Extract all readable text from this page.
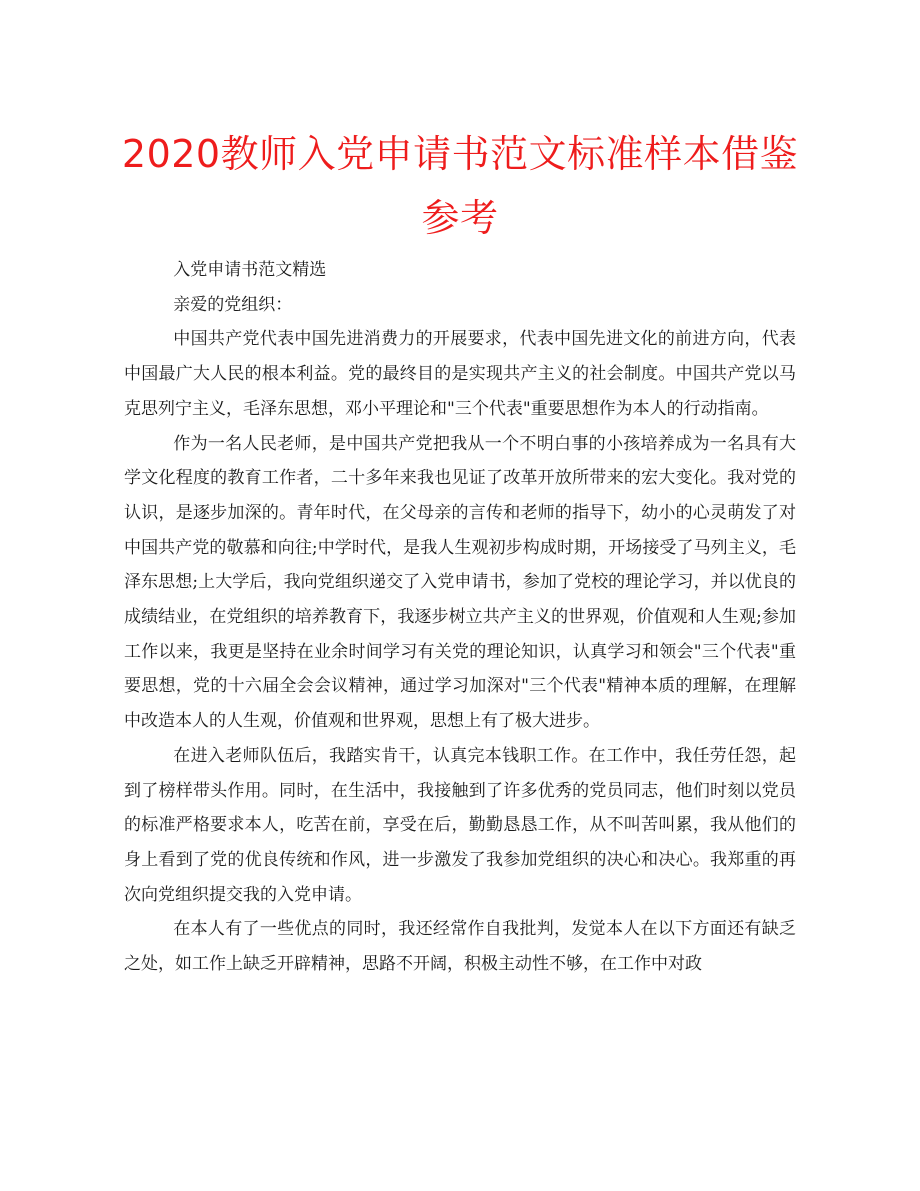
2020教师入党申请书范文标准样本借鉴参考

入党申请书范文精选

亲爱的党组织：

中国共产党代表中国先进消费力的开展要求，代表中国先进文化的前进方向，代表中国最广大人民的根本利益。党的最终目的是实现共产主义的社会制度。中国共产党以马克思列宁主义，毛泽东思想，邓小平理论和"三个代表"重要思想作为本人的行动指南。

作为一名人民老师，是中国共产党把我从一个不明白事的小孩培养成为一名具有大学文化程度的教育工作者，二十多年来我也见证了改革开放所带来的宏大变化。我对党的认识，是逐步加深的。青年时代，在父母亲的言传和老师的指导下，幼小的心灵萌发了对中国共产党的敬慕和向往;中学时代，是我人生观初步构成时期，开场接受了马列主义，毛泽东思想;上大学后，我向党组织递交了入党申请书，参加了党校的理论学习，并以优良的成绩结业，在党组织的培养教育下，我逐步树立共产主义的世界观，价值观和人生观;参加工作以来，我更是坚持在业余时间学习有关党的理论知识，认真学习和领会"三个代表"重要思想，党的十六届全会会议精神，通过学习加深对"三个代表"精神本质的理解，在理解中改造本人的人生观，价值观和世界观，思想上有了极大进步。

在进入老师队伍后，我踏实肯干，认真完本钱职工作。在工作中，我任劳任怨，起到了榜样带头作用。同时，在生活中，我接触到了许多优秀的党员同志，他们时刻以党员的标准严格要求本人，吃苦在前，享受在后，勤勤恳恳工作，从不叫苦叫累，我从他们的身上看到了党的优良传统和作风，进一步激发了我参加党组织的决心和决心。我郑重的再次向党组织提交我的入党申请。

在本人有了一些优点的同时，我还经常作自我批判，发觉本人在以下方面还有缺乏之处，如工作上缺乏开辟精神，思路不开阔，积极主动性不够，在工作中对政
